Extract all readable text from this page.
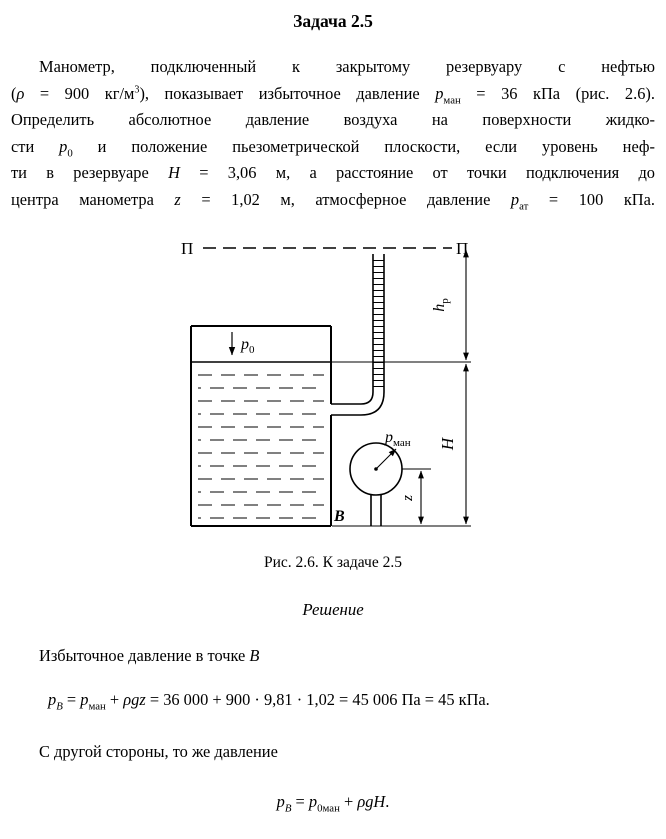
Задача 2.5
Манометр, подключенный к закрытому резервуару с нефтью
(ρ = 900 $кг/м^3$), показывает избыточное давление $p_{ман} = 36$ кПа (рис. 2.6).
Определить абсолютное давление воздуха на поверхности жидко-
сти $p_0$ и положение пьезометрической плоскости, если уровень неф-
ти в резервуаре H = 3,06 м, а расстояние от точки подключения до
центра манометра z = 1,02 м, атмосферное давление $p_{ат} = 100$ кПа.
П	П
$p_0$
$p_{ман}$
$h_р$
H
z
B
Рис. 2.6. К задаче 2.5
Решение
Избыточное давление в точке B
$p_B = p_{ман} + \rho gz = 36$ 000 + 900 · 9,81 · 1,02 = 45 006 Па = 45 кПа.
С другой стороны, то же давление
$p_B = p_{0ман} + \rho gH$.
